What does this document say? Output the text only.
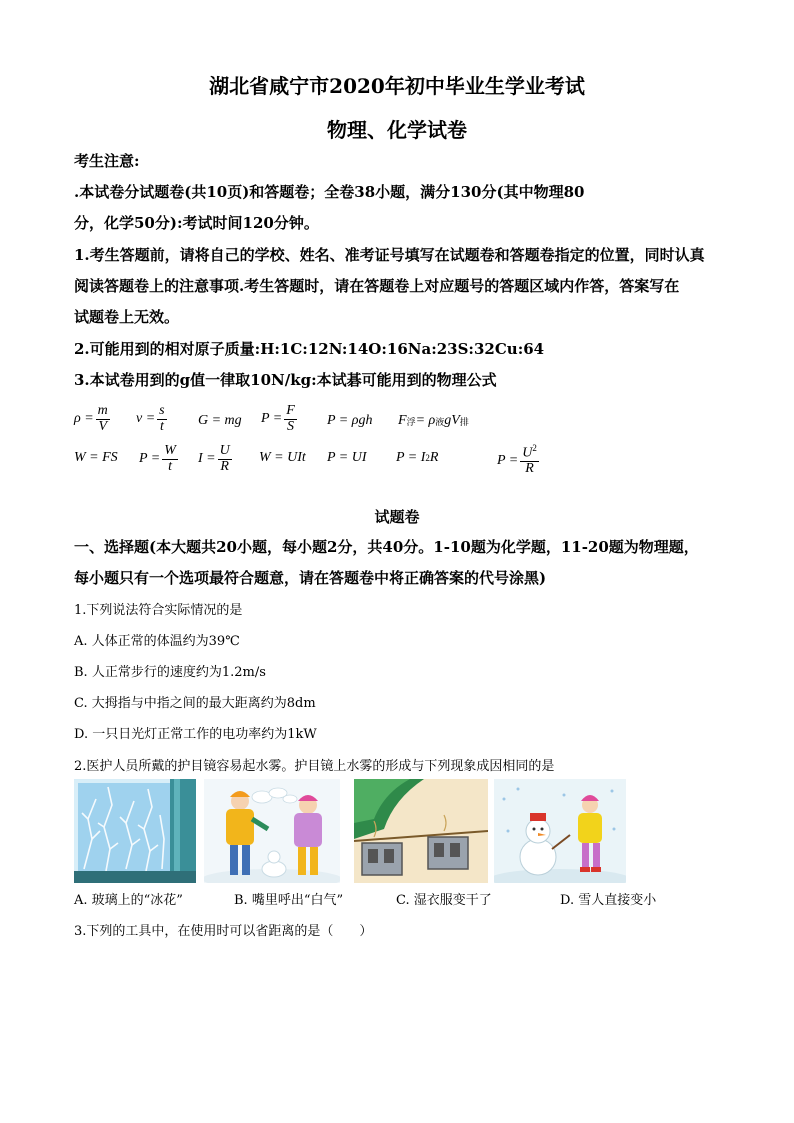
湖北省咸宁市2020年初中毕业生学业考试
物理、化学试卷
考生注意:
.本试卷分试题卷(共10页)和答题卷；全卷38小题，满分130分(其中物理80
分，化学50分):考试时间120分钟。
1.考生答题前，请将自己的学校、姓名、准考证号填写在试题卷和答题卷指定的位置，同时认真
阅读答题卷上的注意事项.考生答题时，请在答题卷上对应题号的答题区域内作答，答案写在
试题卷上无效。
2.可能用到的相对原子质量:H:1C:12N:14O:16Na:23S:32Cu:64
3.本试卷用到的g值一律取10N/kg:本试碁可能用到的物理公式
$\rho = \frac{m}{V}$ $v = \frac{s}{t}$ G = mg $P = \frac{F}{S}$ P = ρgh F 浮 = ρ 液 gV 排
W = FS $P = \frac{W}{t}$ $I = \frac{U}{R}$ W = UIt P = UI P = I 2 R	$P = \frac{U^2}{R}$
试题卷
一、选择题(本大题共20小题，每小题2分，共40分。1-10题为化学题，11-20题为物理题，
每小题只有一个选项最符合题意，请在答题卷中将正确答案的代号涂黑)
1.下列说法符合实际情况的是
A. 人体正常的体温约为39℃
B. 人正常步行的速度约为1.2m/s
C. 大拇指与中指之间的最大距离约为8dm
D. 一只日光灯正常工作的电功率约为1kW
2.医护人员所戴的护目镜容易起水雾。护目镜上水雾的形成与下列现象成因相同的是
A. 玻璃上的“冰花”	B. 嘴里呼出“白气”	C. 湿衣服变干了	D. 雪人直接变小
3.下列的工具中，在使用时可以省距离的是（　　）
